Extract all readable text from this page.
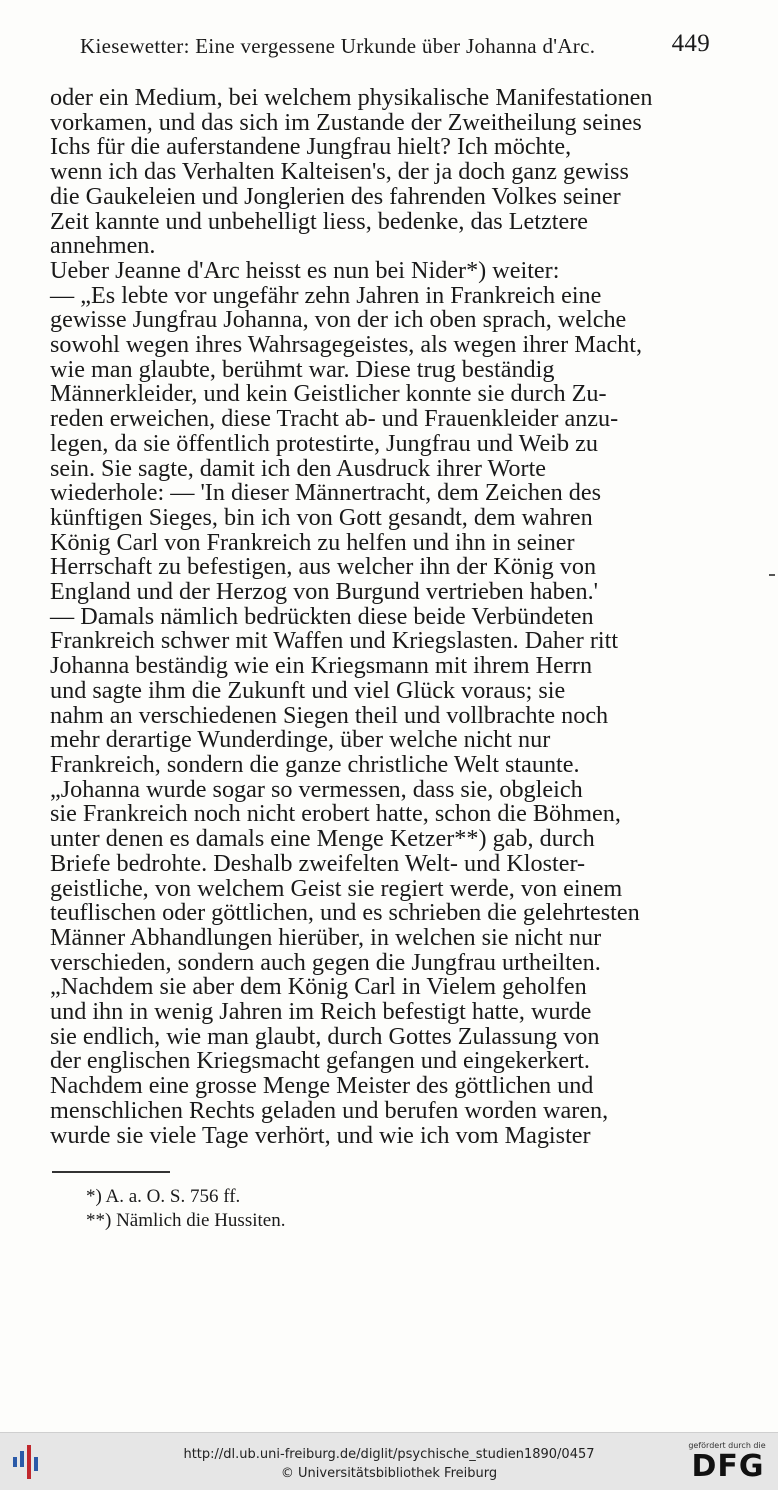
Kiesewetter: Eine vergessene Urkunde über Johanna d'Arc.	449

oder ein Medium, bei welchem physikalische Manifestationen
vorkamen, und das sich im Zustande der Zweitheilung seines
Ichs für die auferstandene Jungfrau hielt? Ich möchte,
wenn ich das Verhalten Kalteisen's, der ja doch ganz gewiss
die Gaukeleien und Jonglerien des fahrenden Volkes seiner
Zeit kannte und unbehelligt liess, bedenke, das Letztere
annehmen.

Ueber Jeanne d'Arc heisst es nun bei Nider*) weiter:
— „Es lebte vor ungefähr zehn Jahren in Frankreich eine
gewisse Jungfrau Johanna, von der ich oben sprach, welche
sowohl wegen ihres Wahrsagegeistes, als wegen ihrer Macht,
wie man glaubte, berühmt war. Diese trug beständig
Männerkleider, und kein Geistlicher konnte sie durch Zu-
reden erweichen, diese Tracht ab- und Frauenkleider anzu-
legen, da sie öffentlich protestirte, Jungfrau und Weib zu
sein. Sie sagte, damit ich den Ausdruck ihrer Worte
wiederhole: — 'In dieser Männertracht, dem Zeichen des
künftigen Sieges, bin ich von Gott gesandt, dem wahren
König Carl von Frankreich zu helfen und ihn in seiner
Herrschaft zu befestigen, aus welcher ihn der König von
England und der Herzog von Burgund vertrieben haben.'
— Damals nämlich bedrückten diese beide Verbündeten
Frankreich schwer mit Waffen und Kriegslasten. Daher ritt
Johanna beständig wie ein Kriegsmann mit ihrem Herrn
und sagte ihm die Zukunft und viel Glück voraus; sie
nahm an verschiedenen Siegen theil und vollbrachte noch
mehr derartige Wunderdinge, über welche nicht nur
Frankreich, sondern die ganze christliche Welt staunte.

„Johanna wurde sogar so vermessen, dass sie, obgleich
sie Frankreich noch nicht erobert hatte, schon die Böhmen,
unter denen es damals eine Menge Ketzer**) gab, durch
Briefe bedrohte. Deshalb zweifelten Welt- und Kloster-
geistliche, von welchem Geist sie regiert werde, von einem
teuflischen oder göttlichen, und es schrieben die gelehrtesten
Männer Abhandlungen hierüber, in welchen sie nicht nur
verschieden, sondern auch gegen die Jungfrau urtheilten.

„Nachdem sie aber dem König Carl in Vielem geholfen
und ihn in wenig Jahren im Reich befestigt hatte, wurde
sie endlich, wie man glaubt, durch Gottes Zulassung von
der englischen Kriegsmacht gefangen und eingekerkert.
Nachdem eine grosse Menge Meister des göttlichen und
menschlichen Rechts geladen und berufen worden waren,
wurde sie viele Tage verhört, und wie ich vom Magister

*) A. a. O. S. 756 ff.
**) Nämlich die Hussiten.
http://dl.ub.uni-freiburg.de/diglit/psychische_studien1890/0457
© Universitätsbibliothek Freiburg
gefördert durch die
DFG
